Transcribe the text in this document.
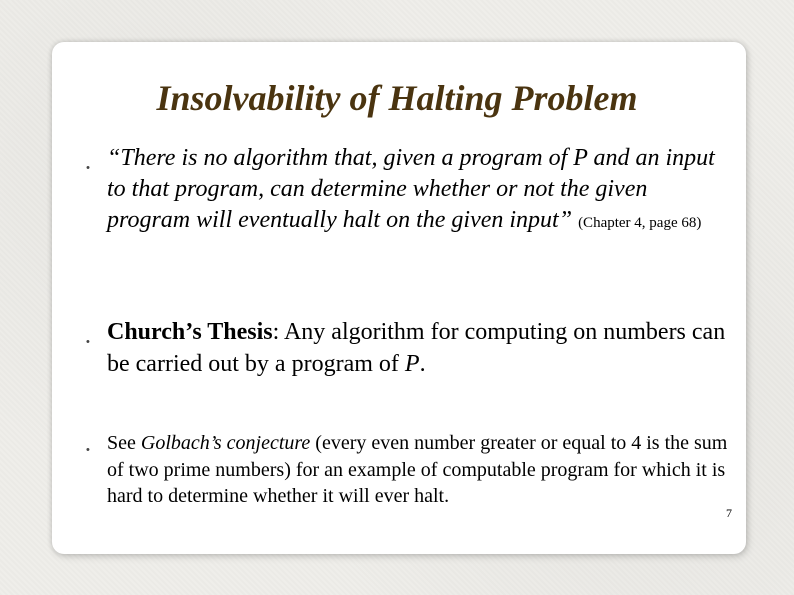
Insolvability of Halting Problem
• “There is no algorithm that, given a program of P and an input to that program, can determine whether or not the given program will eventually halt on the given input” (Chapter 4, page 68)
• Church’s Thesis: Any algorithm for computing on numbers can be carried out by a program of P.
• See Golbach’s conjecture (every even number greater or equal to 4 is the sum of two prime numbers) for an example of computable program for which it is hard to determine whether it will ever halt.
7
